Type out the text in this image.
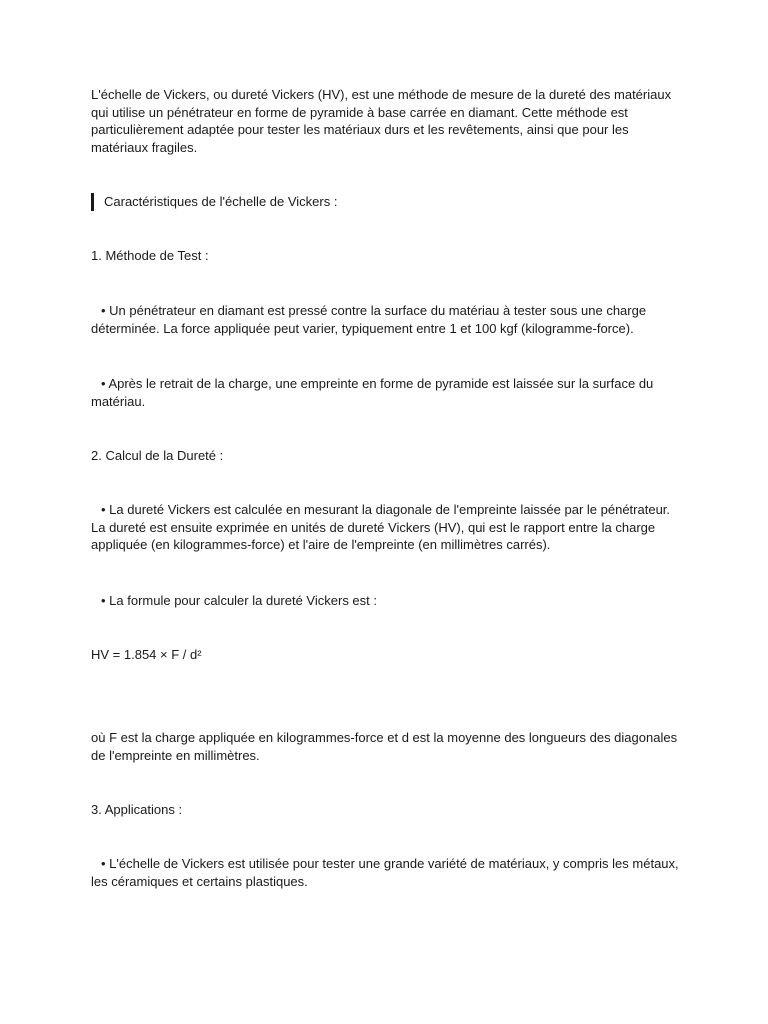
L'échelle de Vickers, ou dureté Vickers (HV), est une méthode de mesure de la dureté des matériaux qui utilise un pénétrateur en forme de pyramide à base carrée en diamant. Cette méthode est particulièrement adaptée pour tester les matériaux durs et les revêtements, ainsi que pour les matériaux fragiles.

Caractéristiques de l'échelle de Vickers :

1. Méthode de Test :

• Un pénétrateur en diamant est pressé contre la surface du matériau à tester sous une charge déterminée. La force appliquée peut varier, typiquement entre 1 et 100 kgf (kilogramme-force).

• Après le retrait de la charge, une empreinte en forme de pyramide est laissée sur la surface du matériau.

2. Calcul de la Dureté :

• La dureté Vickers est calculée en mesurant la diagonale de l'empreinte laissée par le pénétrateur. La dureté est ensuite exprimée en unités de dureté Vickers (HV), qui est le rapport entre la charge appliquée (en kilogrammes-force) et l'aire de l'empreinte (en millimètres carrés).

• La formule pour calculer la dureté Vickers est :

HV = 1.854 × F / d²

où F est la charge appliquée en kilogrammes-force et d est la moyenne des longueurs des diagonales de l'empreinte en millimètres.

3. Applications :

• L'échelle de Vickers est utilisée pour tester une grande variété de matériaux, y compris les métaux, les céramiques et certains plastiques.
